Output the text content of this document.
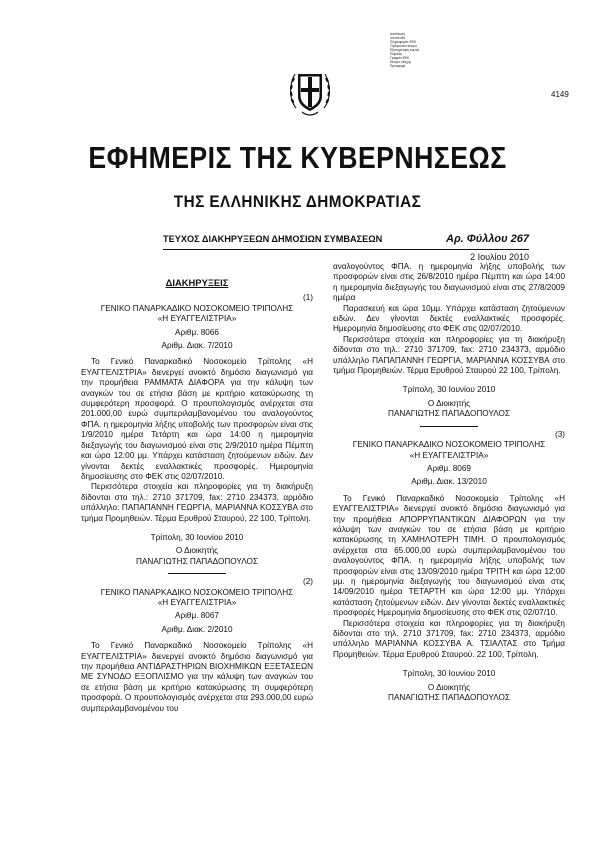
Διεύθυνση
Ιστοσελίδα
Πληροφορίες ΦΕΚ
Τηλεφωνικό κέντρο
Εξυπηρέτηση κοινού
Πειραιάς
Γραφεία ΦΕΚ
Κέντρο Λέσχης
Προσφορά
4149
ΕΦΗΜΕΡΙΣ ΤΗΣ ΚΥΒΕΡΝΗΣΕΩΣ
ΤΗΣ ΕΛΛΗΝΙΚΗΣ ΔΗΜΟΚΡΑΤΙΑΣ
ΤΕΥΧΟΣ ΔΙΑΚΗΡΥΞΕΩΝ ΔΗΜΟΣΙΩΝ ΣΥΜΒΑΣΕΩΝ	Αρ. Φύλλου 267
2 Ιουλίου 2010
ΔΙΑΚΗΡΥΞΕΙΣ
(1)
ΓΕΝΙΚΟ ΠΑΝΑΡΚΑΔΙΚΟ ΝΟΣΟΚΟΜΕΙΟ ΤΡΙΠΟΛΗΣ
«Η ΕΥΑΓΓΕΛΙΣΤΡΙΑ»
Αριθμ. 8066
Αριθμ. Διακ. 7/2010

Το Γενικό Παναρκαδικό Νοσοκομείο Τρίπολης «Η ΕΥΑΓΓΕΛΙΣΤΡΙΑ» διενεργεί ανοικτό δημόσιο διαγωνισμό για την προμήθεια ΡΑΜΜΑΤΑ ΔΙΑΦΟΡΑ για την κάλυψη των αναγκών του σε ετήσια βάση με κριτήριο κατακύρωσης τη συμφερότερη προσφορά. Ο προυπολογισμός ανέρχεται στα 201.000,00 ευρώ συμπεριλαμβανομένου του αναλογούντος ΦΠΑ. η ημερομηνία λήξης υποβολής των προσφορών είναι στις 1/9/2010 ημέρα Τετάρτη και ώρα 14:00 η ημερομηνία διεξαγωγής του διαγωνισμού είναι στις 2/9/2010 ημέρα Πέμπτη και ώρα 12:00 μμ. Υπάρχει κατάσταση ζητούμενων ειδών. Δεν γίνονται δεκτές εναλλακτικές προσφορές. Ημερομηνία δημοσίευσης στο ΦΕΚ στις 02/07/2010.

Περισσότερα στοιχεία και πληροφορίες για τη διακήρυξη δίδονται στο τηλ.: 2710 371709, fax: 2710 234373, αρμόδιο υπάλληλο: ΠΑΠΑΠΑΝΝΗ ΓΕΩΡΓΙΑ, ΜΑΡΙΑΝΝΑ ΚΟΣΣΥΒΑ στο τμήμα Προμηθειών. Τέρμα Ερυθρού Σταυρού, 22 100, Τρίπολη.

Τρίπολη, 30 Ιουνίου 2010
Ο Διοικητής
ΠΑΝΑΓΙΩΤΗΣ ΠΑΠΑΔΟΠΟΥΛΟΣ
(2)
ΓΕΝΙΚΟ ΠΑΝΑΡΚΑΔΙΚΟ ΝΟΣΟΚΟΜΕΙΟ ΤΡΙΠΟΛΗΣ
«Η ΕΥΑΓΓΕΛΙΣΤΡΙΑ»
Αριθμ. 8067
Αριθμ. Διακ. 2/2010

Το Γενικό Παναρκαδικό Νοσοκομείο Τρίπολης «Η ΕΥΑΓΓΕΛΙΣΤΡΙΑ» διενεργεί ανοικτό δημόσιο διαγωνισμό για την προμήθεια ΑΝΤΙΔΡΑΣΤΗΡΙΩΝ ΒΙΟΧΗΜΙΚΩΝ ΕΞΕΤΑΣΕΩΝ ΜΕ ΣΥΝΟΔΟ ΕΞΟΠΛΙΣΜΟ για την κάλυψη των αναγκών του σε ετήσια βάση με κριτήριο κατακύρωσης τη συμφερότερη προσφορά. Ο προυπολογισμός ανέρχεται στα 293.000,00 ευρώ συμπεριλαμβανομένου του

αναλογούντος ΦΠΑ. η ημερομηνία λήξης υποβολής των προσφορών είναι στις 26/8/2010 ημέρα Πέμπτη και ώρα 14:00 η ημερομηνία διεξαγωγής του διαγωνισμού είναι στις 27/8/2009 ημέρα

Παρασκευή και ώρα 10μμ. Υπάρχει κατάσταση ζητούμενων ειδών. Δεν γίνονται δεκτές εναλλακτικές προσφορές. Ημερομηνία δημοσίευσης στο ΦΕΚ στις 02/07/2010.

Περισσότερα στοιχεία και πληροφορίες για τη διακήρυξη δίδονται στο τηλ.: 2710 371709, fax: 2710 234373, αρμόδιο υπάλληλο ΠΑΠΑΠΑΝΝΗ ΓΕΩΡΓΙΑ, ΜΑΡΙΑΝΝΑ ΚΟΣΣΥΒΑ στο τμήμα Προμηθειών. Τέρμα Ερυθρού Σταυρού 22 100, Τρίπολη.

Τρίπολη, 30 Ιουνίου 2010
Ο Διοικητής
ΠΑΝΑΓΙΩΤΗΣ ΠΑΠΑΔΟΠΟΥΛΟΣ
(3)
ΓΕΝΙΚΟ ΠΑΝΑΡΚΑΔΙΚΟ ΝΟΣΟΚΟΜΕΙΟ ΤΡΙΠΟΛΗΣ
«Η ΕΥΑΓΓΕΛΙΣΤΡΙΑ»
Αριθμ. 8069
Αριθμ. Διακ. 13/2010

Το Γενικό Παναρκαδικό Νοσοκομείο Τρίπολης «Η ΕΥΑΓΓΕΛΙΣΤΡΙΑ» διενεργεί ανοικτό δημόσιο διαγωνισμό για την προμήθεια ΑΠΟΡΡΥΠΑΝΤΙΚΩΝ ΔΙΑΦΟΡΩΝ για την κάλυψη των αναγκών του σε ετήσια βάση με κριτήριο κατακύρωσης τη ΧΑΜΗΛΟΤΕΡΗ ΤΙΜΗ. Ο προυπολογισμός ανέρχεται στα 65.000,00 ευρώ συμπεριλαμβανομένου του αναλογούντος ΦΠΑ. η ημερομηνία λήξης υποβολής των προσφορών είναι στις 13/09/2010 ημέρα ΤΡΙΤΗ και ώρα 12:00 μμ. η ημερομηνία διεξαγωγής του διαγωνισμού είναι στις 14/09/2010 ημέρα ΤΕΤΑΡΤΗ και ώρα 12:00 μμ. Υπάρχει κατάσταση ζητούμενων ειδών. Δεν γίνονται δεκτές εναλλακτικές προσφορές Ημερομηνία δημοσίευσης στο ΦΕΚ στις 02/07/10.

Περισσότερα στοιχεία και πληροφορίες για τη διακήρυξη δίδονται στο τηλ. 2710 371709, fax: 2710 234373, αρμόδιο υπάλληλο ΜΑΡΙΑΝΝΑ ΚΟΣΣΥΒΑ Α. ΤΣΙΑΛΤΑΣ στο Τμήμα Προμηθειών. Τέρμα Ερυθρού Σταυρού. 22 100, Τρίπολη.

Τρίπολη, 30 Ιουνίου 2010
Ο Διοικητής
ΠΑΝΑΓΙΩΤΗΣ ΠΑΠΑΔΟΠΟΥΛΟΣ
